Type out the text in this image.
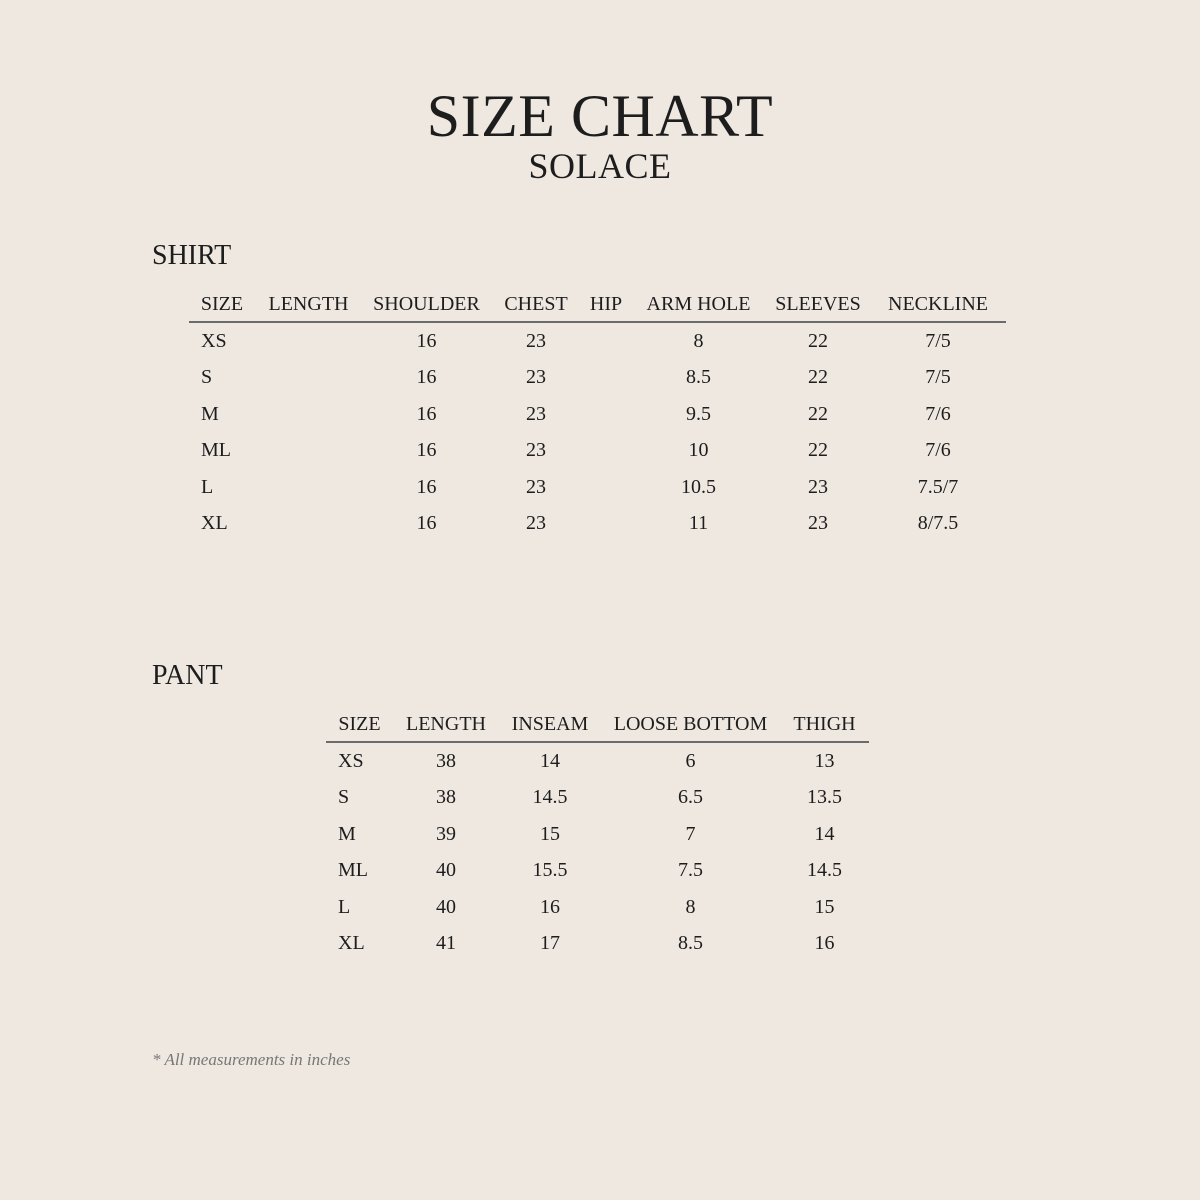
SIZE CHART
SOLACE
SHIRT
SIZE	LENGTH	SHOULDER	CHEST	HIP	ARM HOLE	SLEEVES	NECKLINE
XS		16	23		8	22	7/5
S		16	23		8.5	22	7/5
M		16	23		9.5	22	7/6
ML		16	23		10	22	7/6
L		16	23		10.5	23	7.5/7
XL		16	23		11	23	8/7.5
PANT
SIZE	LENGTH	INSEAM	LOOSE BOTTOM	THIGH
XS	38	14	6	13
S	38	14.5	6.5	13.5
M	39	15	7	14
ML	40	15.5	7.5	14.5
L	40	16	8	15
XL	41	17	8.5	16
* All measurements in inches
